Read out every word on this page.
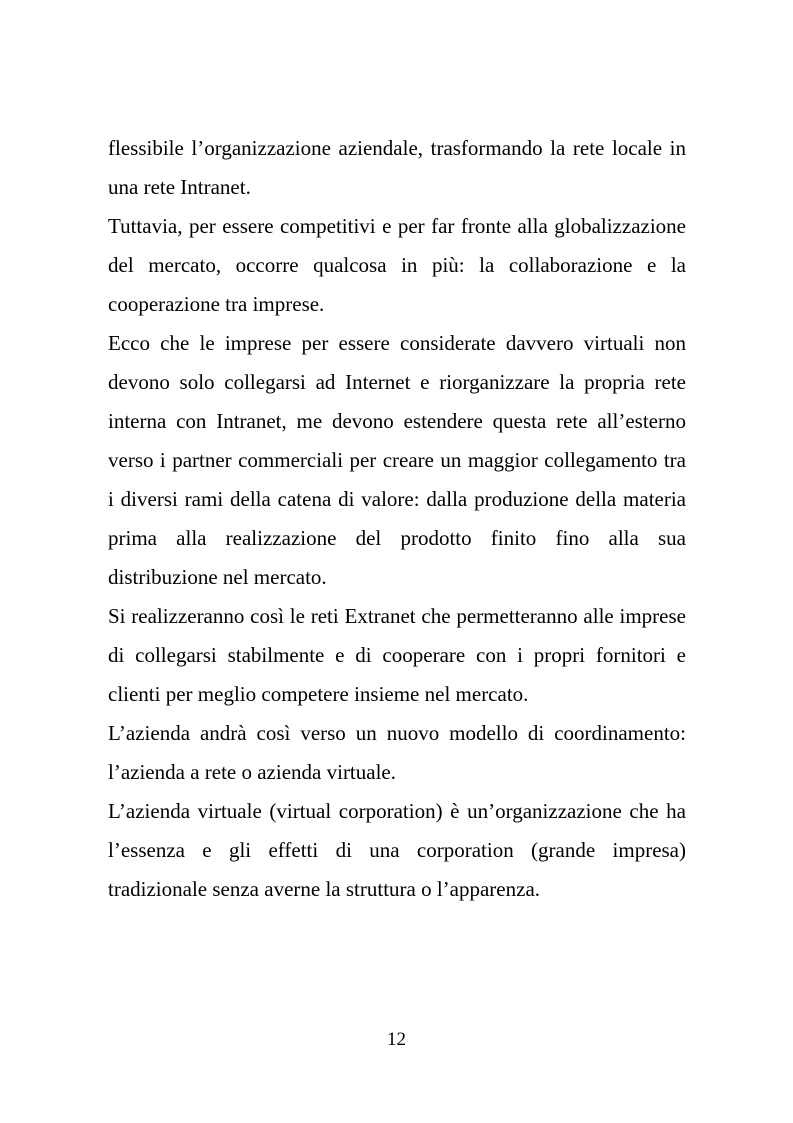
flessibile l’organizzazione aziendale, trasformando la rete locale in una rete Intranet.

Tuttavia, per essere competitivi e per far fronte alla globalizzazione del mercato, occorre qualcosa in più: la collaborazione e la cooperazione tra imprese.

Ecco che le imprese per essere considerate davvero virtuali non devono solo collegarsi ad Internet e riorganizzare la propria rete interna con Intranet, me devono estendere questa rete all’esterno verso i partner commerciali per creare un maggior collegamento tra i diversi rami della catena di valore: dalla produzione della materia prima alla realizzazione del prodotto finito fino alla sua distribuzione nel mercato.

Si realizzeranno così le reti Extranet che permetteranno alle imprese di collegarsi stabilmente e di cooperare con i propri fornitori e clienti per meglio competere insieme nel mercato.

L’azienda andrà così verso un nuovo modello di coordinamento: l’azienda a rete o azienda virtuale.

L’azienda virtuale (virtual corporation) è un’organizzazione che ha l’essenza e gli effetti di una corporation (grande impresa) tradizionale senza averne la struttura o l’apparenza.

12
